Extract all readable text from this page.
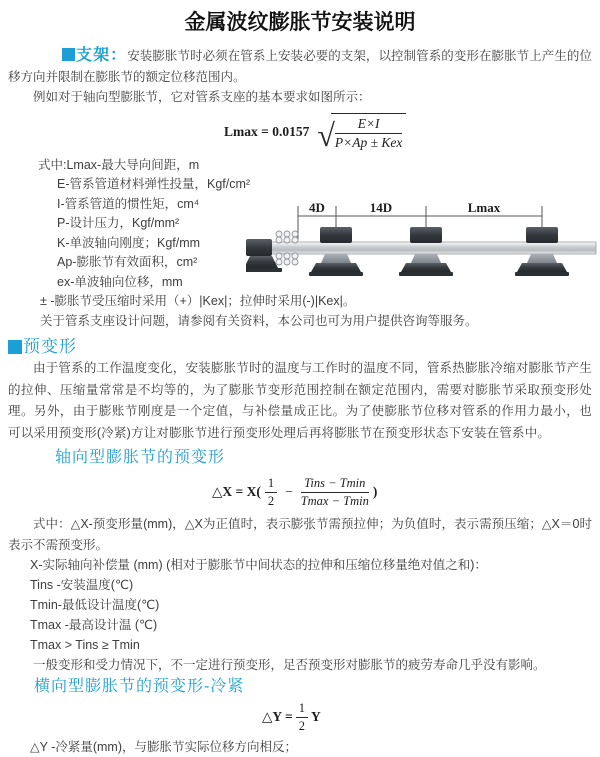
金属波纹膨胀节安装说明

支架：安装膨胀节时必须在管系上安装必要的支架，以控制管系的变形在膨胀节上产生的位移方向并限制在膨胀节的额定位移范围内。

例如对于轴向型膨胀节，它对管系支座的基本要求如图所示：

Lmax = 0.0157 √ $\frac{E\times I}{\text{P×Ap ± Kex}}$
式中:Lmax-最大导向间距，m
E-管系管道材料弹性投量，Kgf/cm²
I-管系管道的惯性矩，cm⁴
P-设计压力，Kgf/mm²
K-单波轴向刚度；Kgf/mm
Ap-膨胀节有效面积，cm²
ex-单波轴向位移，mm
± -膨胀节受压缩时采用（+）|Kex|；拉伸时采用(-)|Kex|。
关于管系支座设计问题，请参阅有关资料，本公司也可为用户提供咨询等服务。
4D	14D	Lmax
预变形

由于管系的工作温度变化，安装膨胀节时的温度与工作时的温度不同，管系热膨胀冷缩对膨胀节产生的拉伸、压缩量常常是不均等的，为了膨胀节变形范围控制在额定范围内，需要对膨胀节采取预变形处理。另外，由于膨账节刚度是一个定值，与补偿量成正比。为了使膨胀节位移对管系的作用力最小，也可以采用预变形(冷紧)方让对膨胀节进行预变形处理后再将膨胀节在预变形状态下安装在管系中。

轴向型膨胀节的预变形
△X = $X( \frac{1}{2} - \frac{\text{Tins − Tmin}}{Tmax - Tmin}$ )

式中：△X-预变形量(mm)，△X为正值时，表示膨张节需预拉伸；为负值时，表示需预压缩；△X＝0时表示不需预变形。

X-实际轴向补偿量 (mm) (相对于膨胀节中间状态的拉伸和压缩位移量绝对值之和)：
Tins -安装温度(℃)
Tmin-最低设计温度(℃)
Tmax -最高设计温 (℃)
Tmax > Tins ≥ Tmin

一般变形和受力情况下，不一定进行预变形，足否预变形对膨胀节的疲劳寿命几乎没有影响。

横向型膨胀节的预变形-冷紧
△Y = $\frac{1}{2}$ Y
△Y -冷紧量(mm)，与膨胀节实际位移方向相反；
